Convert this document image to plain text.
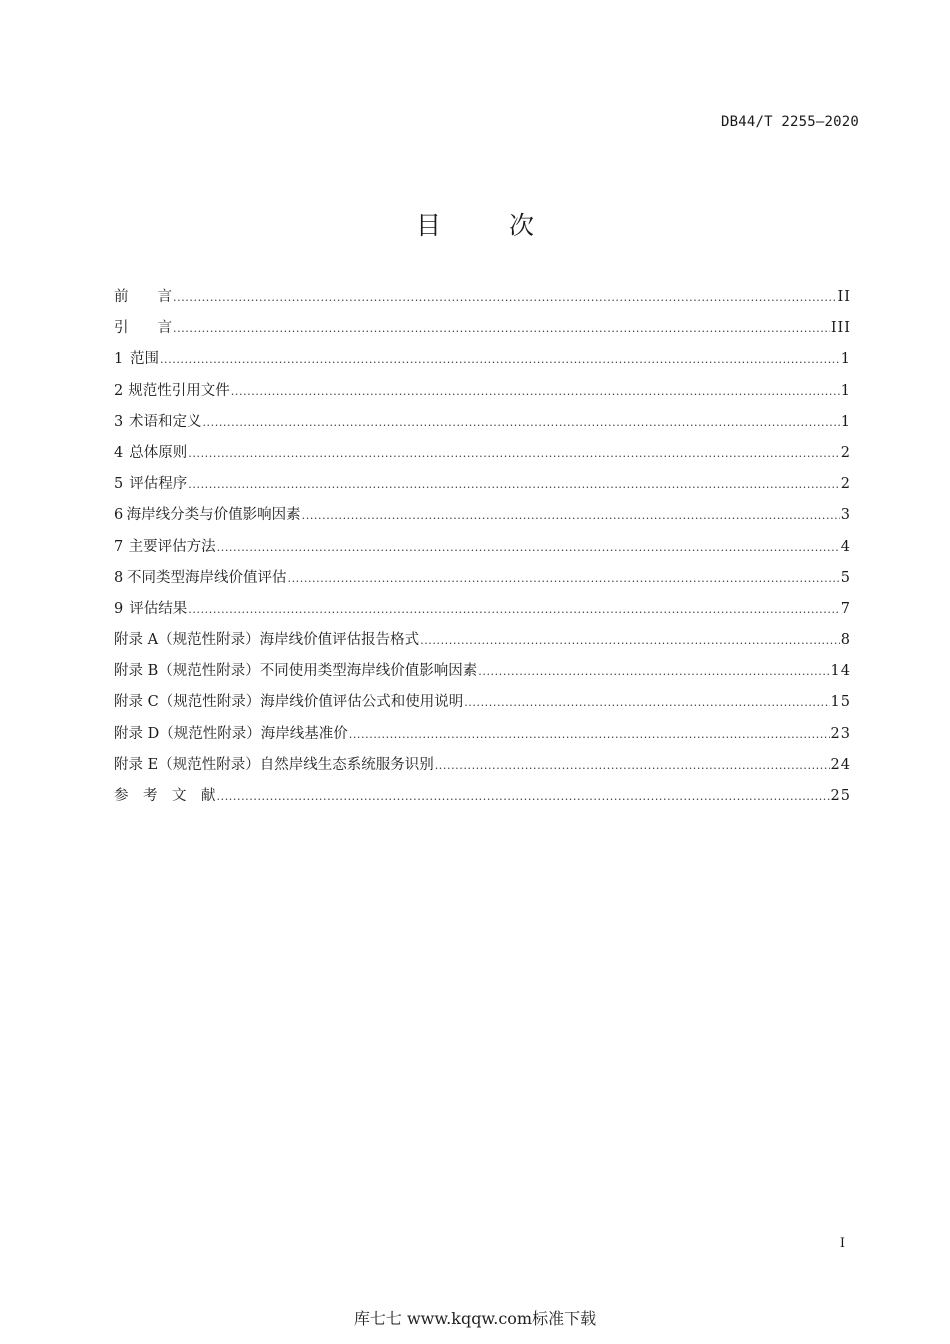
DB44/T 2255—2020
目	次
前　　言 .....	II
引　　言 .....	III
1 范围 .....	1
2 规范性引用文件 .....	1
3 术语和定义 .....	1
4 总体原则 .....	2
5 评估程序 .....	2
6 海岸线分类与价值影响因素 .....	3
7 主要评估方法 .....	4
8 不同类型海岸线价值评估 .....	5
9 评估结果 .....	7
附录 A（规范性附录） 海岸线价值评估报告格式 .....	8
附录 B（规范性附录） 不同使用类型海岸线价值影响因素 .....	14
附录 C（规范性附录） 海岸线价值评估公式和使用说明 .....	15
附录 D（规范性附录） 海岸线基准价 .....	23
附录 E（规范性附录） 自然岸线生态系统服务识别 .....	24
参　考　文　献 .....	25
I
库七七 www.kqqw.com标准下载
